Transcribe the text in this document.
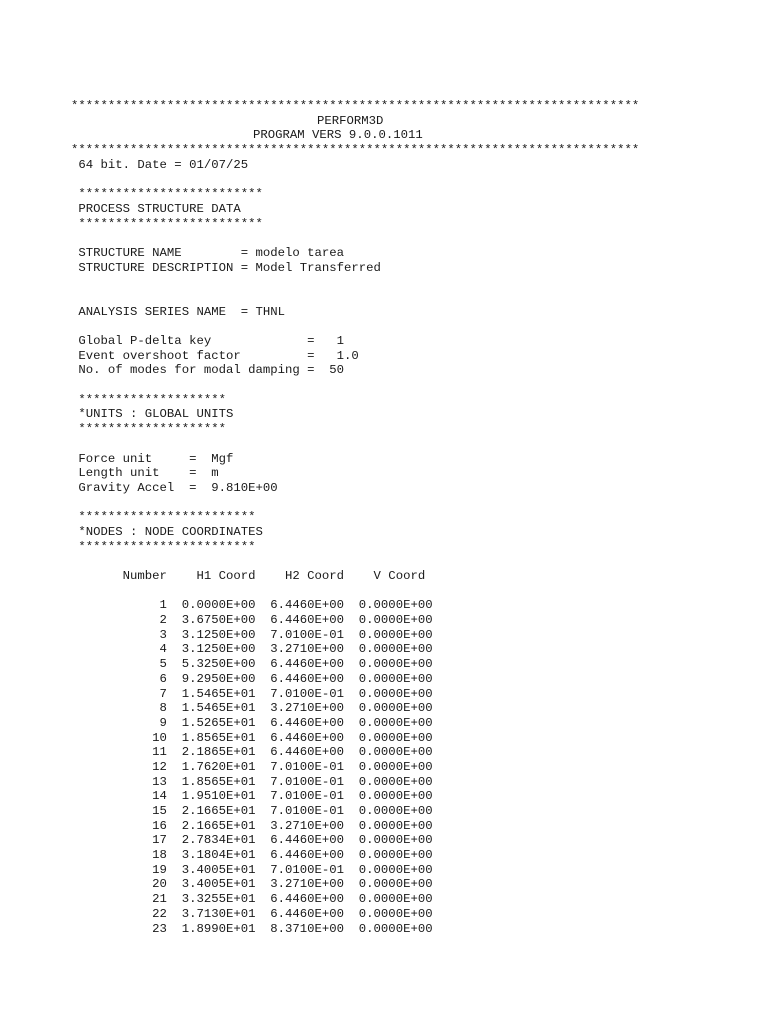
*****************************************************************************
PERFORM3D
PROGRAM VERS 9.0.0.1011
*****************************************************************************
64 bit. Date = 01/07/25
*************************
PROCESS STRUCTURE DATA
*************************
STRUCTURE NAME        = modelo tarea
STRUCTURE DESCRIPTION = Model Transferred
ANALYSIS SERIES NAME  = THNL
Global P-delta key             =   1
Event overshoot factor         =   1.0
No. of modes for modal damping =  50
********************
*UNITS : GLOBAL UNITS
********************
Force unit     =  Mgf
Length unit    =  m
Gravity Accel  =  9.810E+00
************************
*NODES : NODE COORDINATES
************************
Number    H1 Coord    H2 Coord    V Coord
1  0.0000E+00  6.4460E+00  0.0000E+00
2  3.6750E+00  6.4460E+00  0.0000E+00
3  3.1250E+00  7.0100E-01  0.0000E+00
4  3.1250E+00  3.2710E+00  0.0000E+00
5  5.3250E+00  6.4460E+00  0.0000E+00
6  9.2950E+00  6.4460E+00  0.0000E+00
7  1.5465E+01  7.0100E-01  0.0000E+00
8  1.5465E+01  3.2710E+00  0.0000E+00
9  1.5265E+01  6.4460E+00  0.0000E+00
10  1.8565E+01  6.4460E+00  0.0000E+00
11  2.1865E+01  6.4460E+00  0.0000E+00
12  1.7620E+01  7.0100E-01  0.0000E+00
13  1.8565E+01  7.0100E-01  0.0000E+00
14  1.9510E+01  7.0100E-01  0.0000E+00
15  2.1665E+01  7.0100E-01  0.0000E+00
16  2.1665E+01  3.2710E+00  0.0000E+00
17  2.7834E+01  6.4460E+00  0.0000E+00
18  3.1804E+01  6.4460E+00  0.0000E+00
19  3.4005E+01  7.0100E-01  0.0000E+00
20  3.4005E+01  3.2710E+00  0.0000E+00
21  3.3255E+01  6.4460E+00  0.0000E+00
22  3.7130E+01  6.4460E+00  0.0000E+00
23  1.8990E+01  8.3710E+00  0.0000E+00
